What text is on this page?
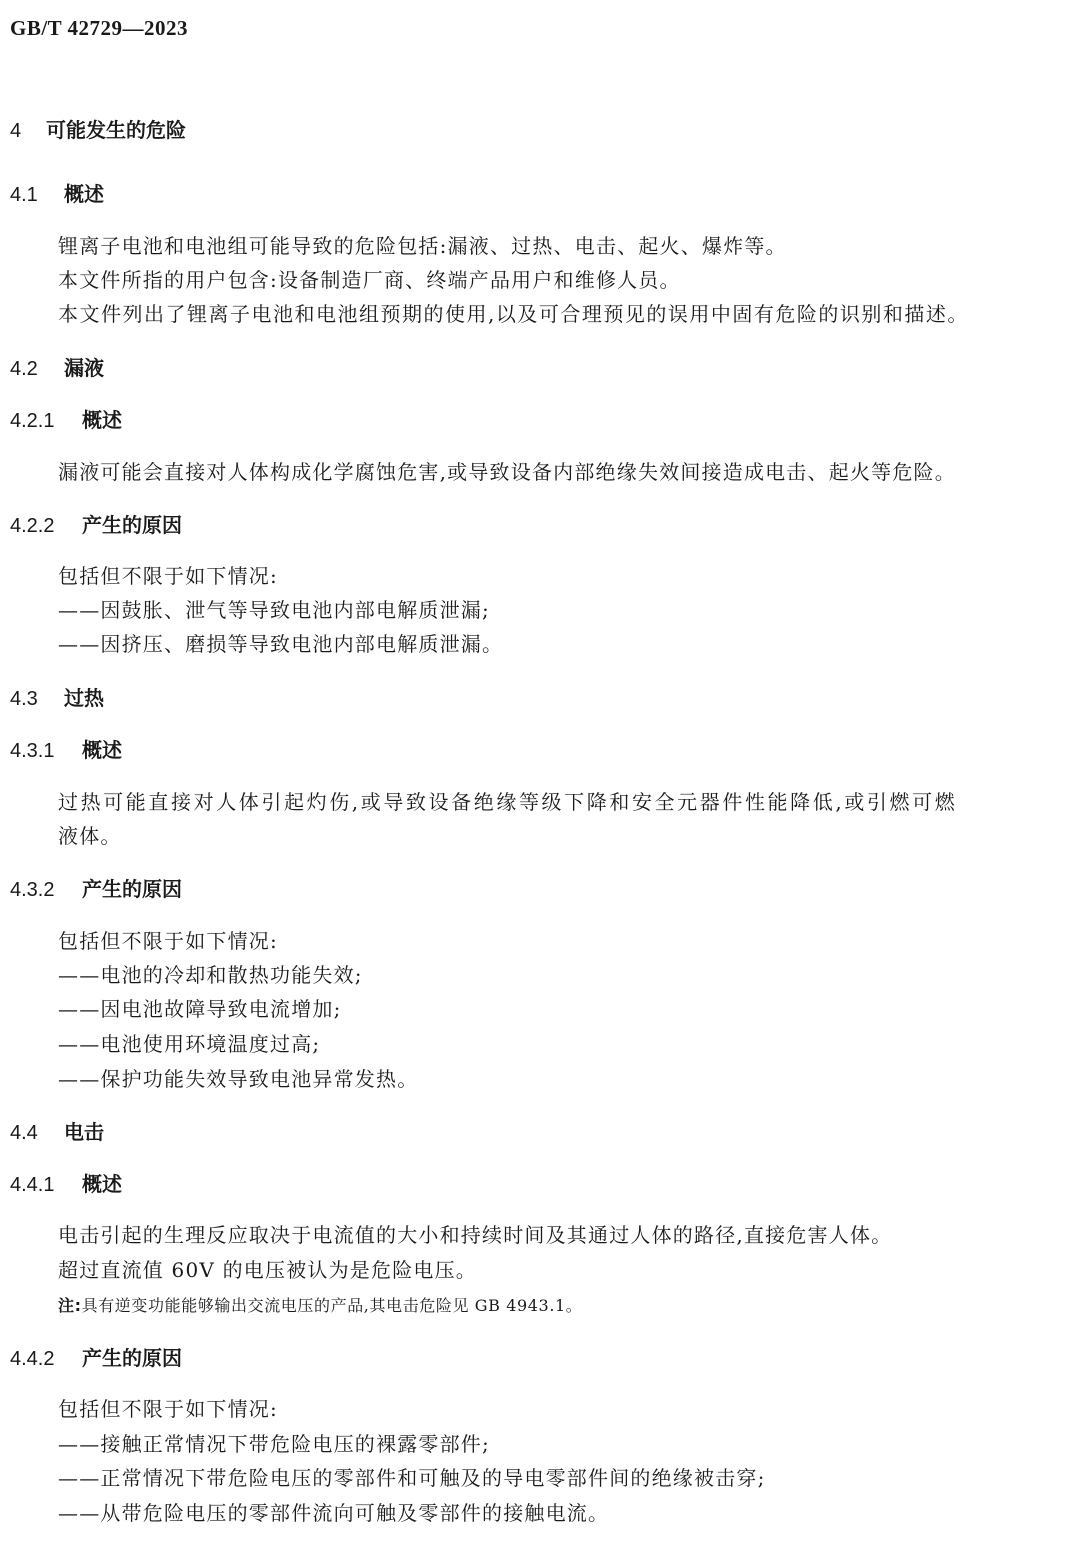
GB/T 42729—2023
4 可能发生的危险
4.1 概述
锂离子电池和电池组可能导致的危险包括:漏液、过热、电击、起火、爆炸等。
本文件所指的用户包含:设备制造厂商、终端产品用户和维修人员。
本文件列出了锂离子电池和电池组预期的使用,以及可合理预见的误用中固有危险的识别和描述。
4.2 漏液
4.2.1 概述
漏液可能会直接对人体构成化学腐蚀危害,或导致设备内部绝缘失效间接造成电击、起火等危险。
4.2.2 产生的原因
包括但不限于如下情况:
——因鼓胀、泄气等导致电池内部电解质泄漏;
——因挤压、磨损等导致电池内部电解质泄漏。
4.3 过热
4.3.1 概述
过热可能直接对人体引起灼伤,或导致设备绝缘等级下降和安全元器件性能降低,或引燃可燃
液体。
4.3.2 产生的原因
包括但不限于如下情况:
——电池的冷却和散热功能失效;
——因电池故障导致电流增加;
——电池使用环境温度过高;
——保护功能失效导致电池异常发热。
4.4 电击
4.4.1 概述
电击引起的生理反应取决于电流值的大小和持续时间及其通过人体的路径,直接危害人体。
超过直流值 60V 的电压被认为是危险电压。
注:具有逆变功能能够输出交流电压的产品,其电击危险见 GB 4943.1。
4.4.2 产生的原因
包括但不限于如下情况:
——接触正常情况下带危险电压的裸露零部件;
——正常情况下带危险电压的零部件和可触及的导电零部件间的绝缘被击穿;
——从带危险电压的零部件流向可触及零部件的接触电流。
